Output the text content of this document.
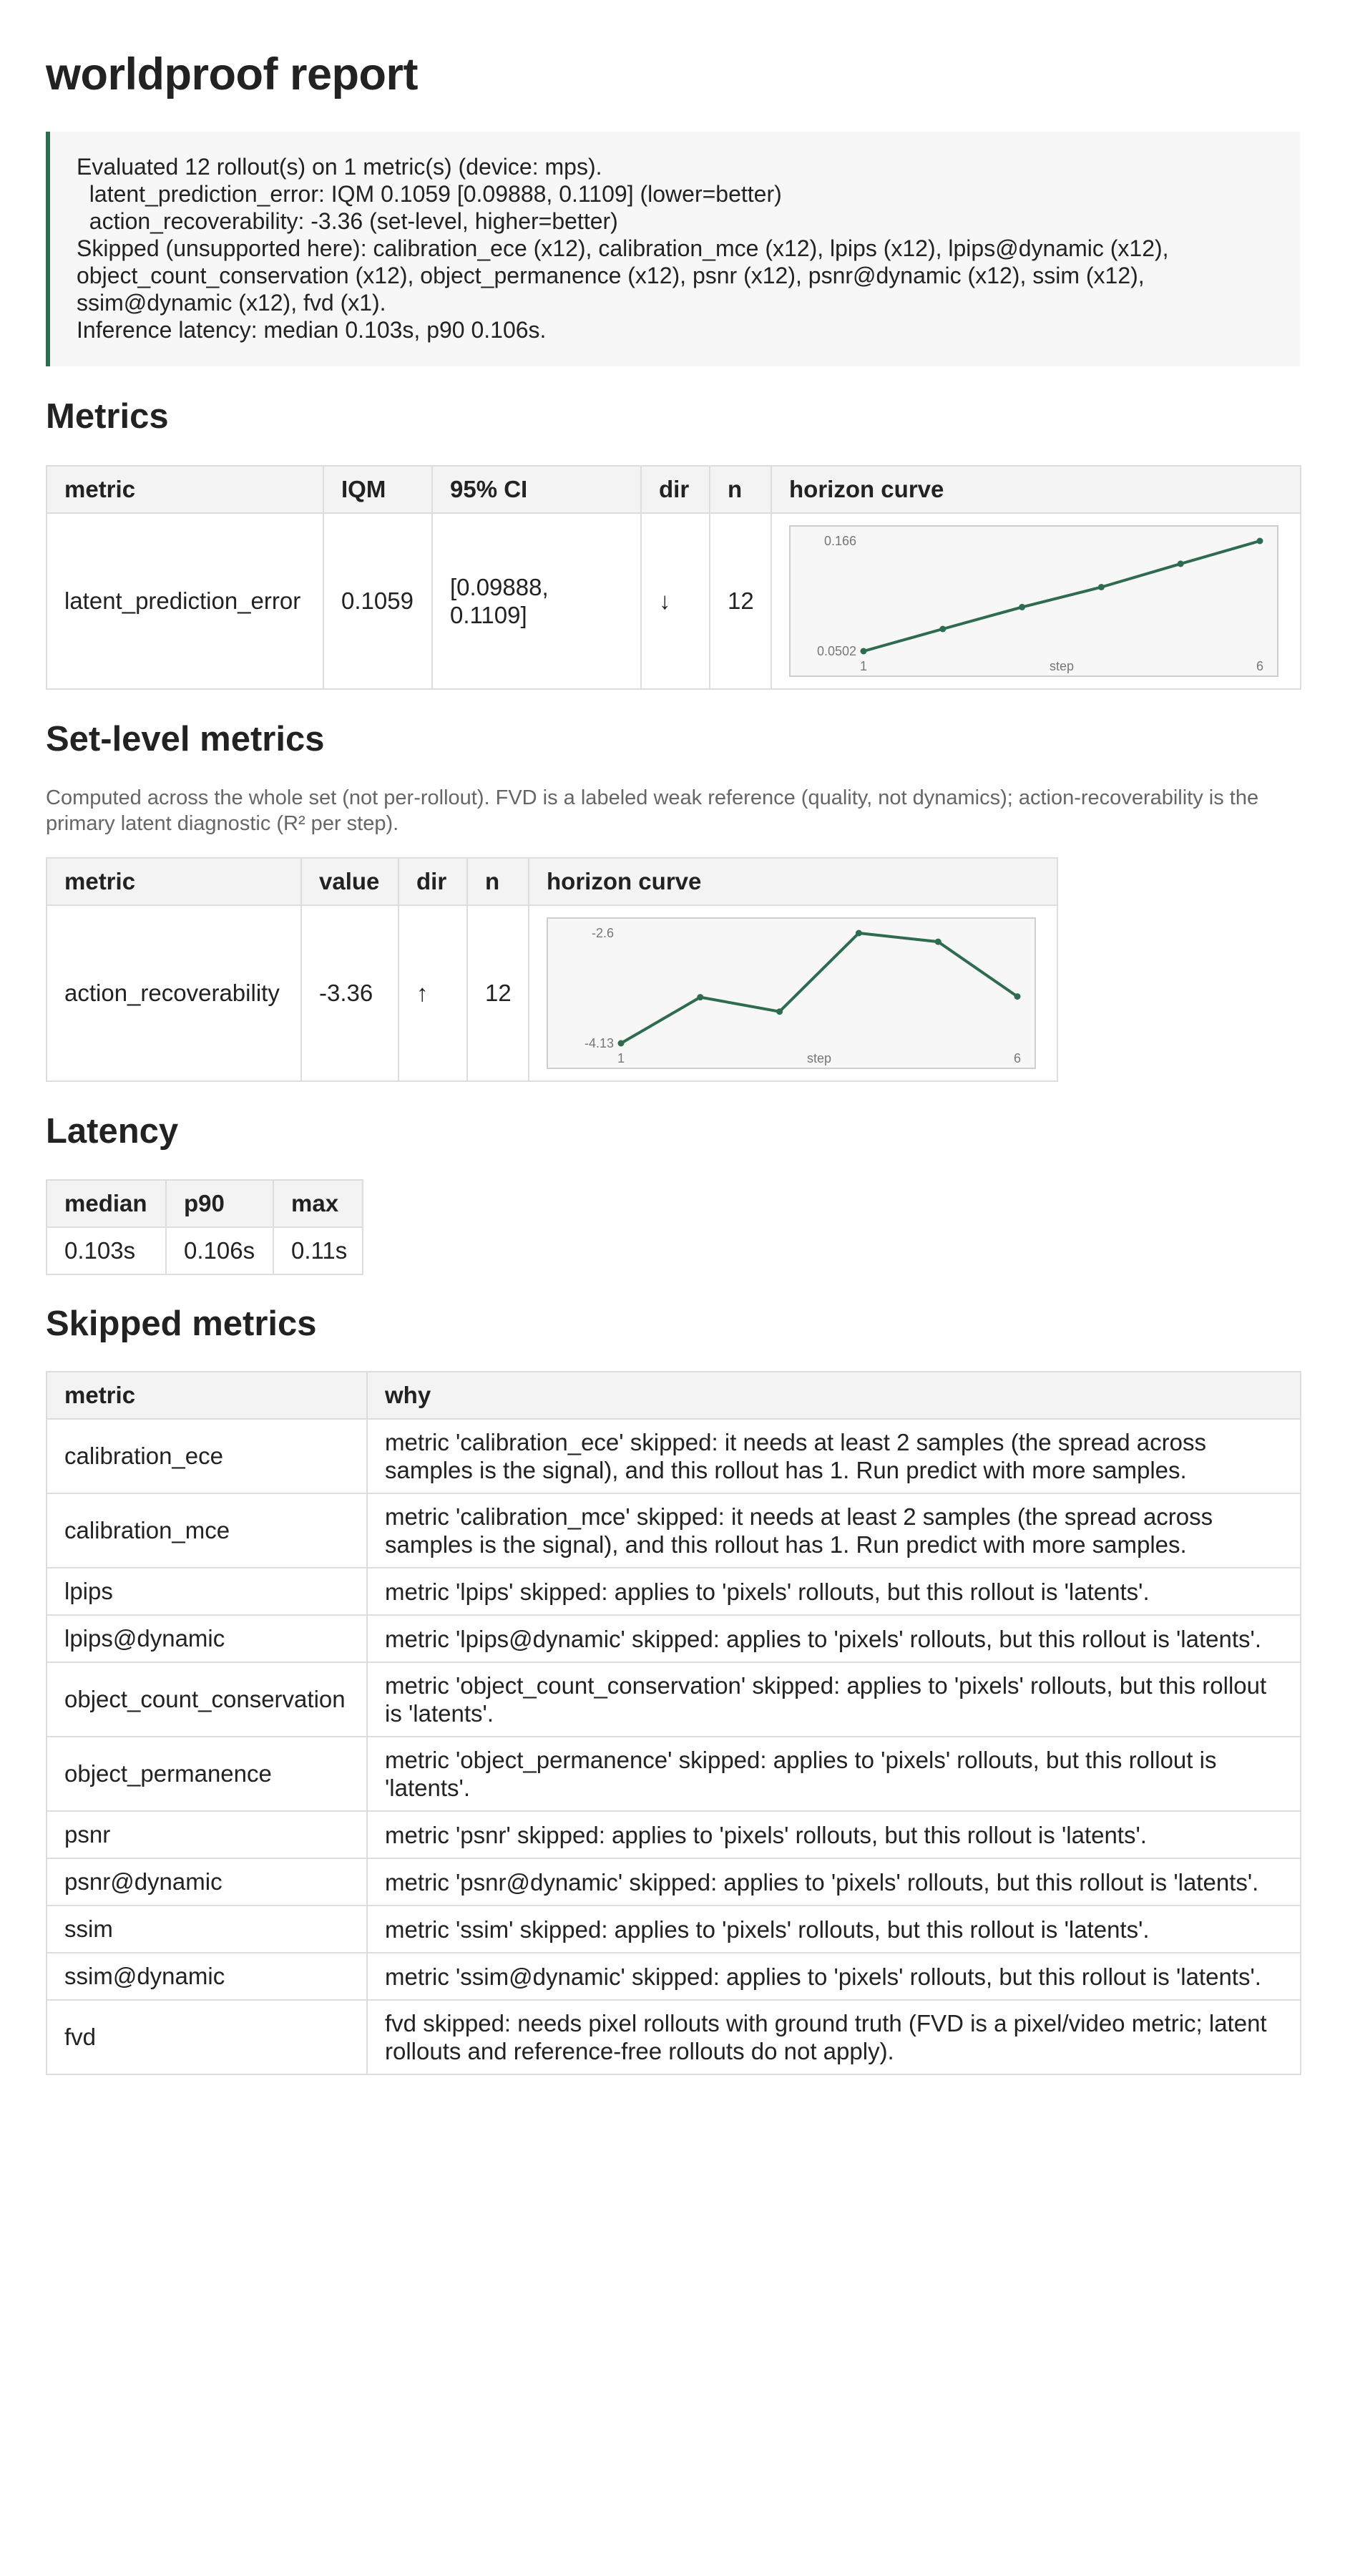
worldproof report
Evaluated 12 rollout(s) on 1 metric(s) (device: mps).
latent_prediction_error: IQM 0.1059 [0.09888, 0.1109] (lower=better)
action_recoverability: -3.36 (set-level, higher=better)
Skipped (unsupported here): calibration_ece (x12), calibration_mce (x12), lpips (x12), lpips@dynamic (x12),
object_count_conservation (x12), object_permanence (x12), psnr (x12), psnr@dynamic (x12), ssim (x12),
ssim@dynamic (x12), fvd (x1).
Inference latency: median 0.103s, p90 0.106s.
Metrics
metric	IQM	95% CI	dir	n	horizon curve
latent_prediction_error	0.1059	[0.09888, 0.1109]	↓	12	0.166
0.0502
1 6
step
Set-level metrics

Computed across the whole set (not per-rollout). FVD is a labeled weak reference (quality, not dynamics); action-recoverability is the primary latent diagnostic (R² per step).

metric	value	dir	n	horizon curve
action_recoverability	-3.36	↑	12	-2.6
-4.13
1 6
step
Latency
median	p90	max
0.103s	0.106s	0.11s
Skipped metrics
metric	why
calibration_ece	metric 'calibration_ece' skipped: it needs at least 2 samples (the spread across samples is the signal), and this rollout has 1. Run predict with more samples.
calibration_mce	metric 'calibration_mce' skipped: it needs at least 2 samples (the spread across samples is the signal), and this rollout has 1. Run predict with more samples.
lpips	metric 'lpips' skipped: applies to 'pixels' rollouts, but this rollout is 'latents'.
lpips@dynamic	metric 'lpips@dynamic' skipped: applies to 'pixels' rollouts, but this rollout is 'latents'.
object_count_conservation	metric 'object_count_conservation' skipped: applies to 'pixels' rollouts, but this rollout is 'latents'.
object_permanence	metric 'object_permanence' skipped: applies to 'pixels' rollouts, but this rollout is 'latents'.
psnr	metric 'psnr' skipped: applies to 'pixels' rollouts, but this rollout is 'latents'.
psnr@dynamic	metric 'psnr@dynamic' skipped: applies to 'pixels' rollouts, but this rollout is 'latents'.
ssim	metric 'ssim' skipped: applies to 'pixels' rollouts, but this rollout is 'latents'.
ssim@dynamic	metric 'ssim@dynamic' skipped: applies to 'pixels' rollouts, but this rollout is 'latents'.
fvd	fvd skipped: needs pixel rollouts with ground truth (FVD is a pixel/video metric; latent rollouts and reference-free rollouts do not apply).
